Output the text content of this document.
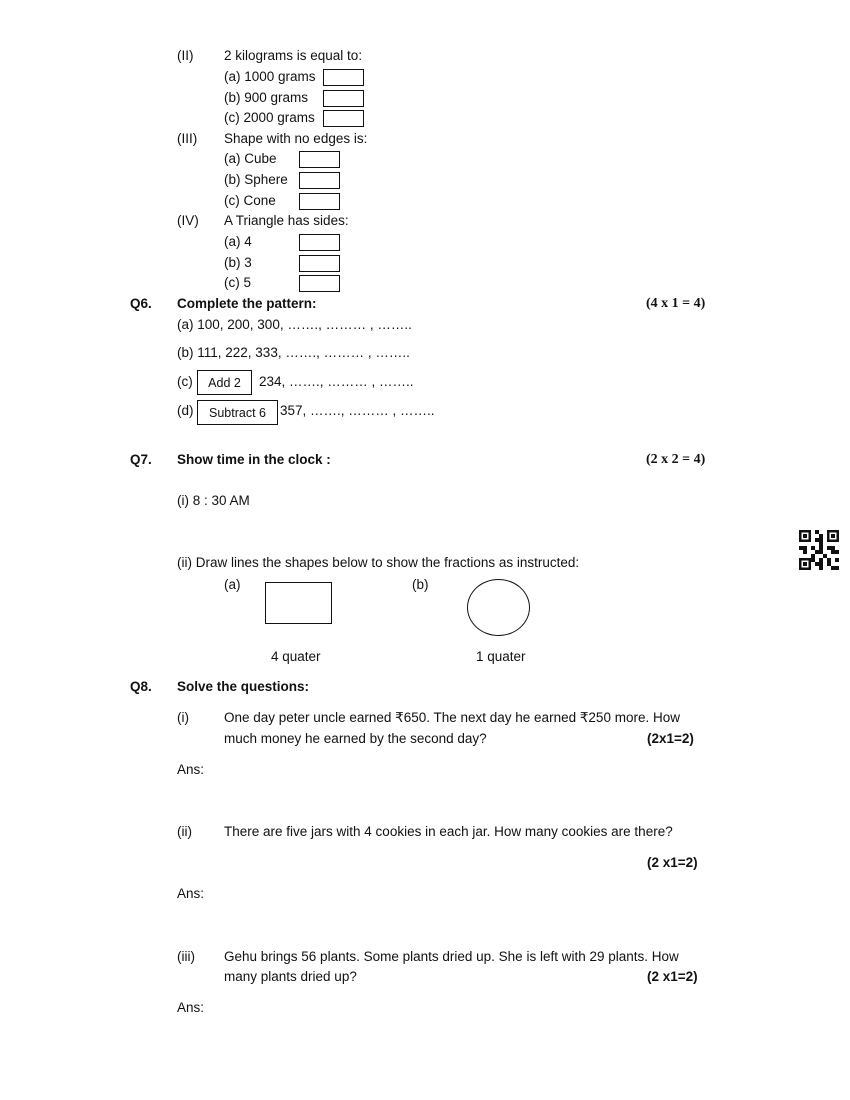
(II) 2 kilograms is equal to:
(a) 1000 grams
(b) 900 grams
(c) 2000 grams
(III) Shape with no edges is:
(a) Cube
(b) Sphere
(c) Cone
(IV) A Triangle has sides:
(a) 4
(b) 3
(c) 5
Q6. Complete the pattern:	(4 x 1 = 4)
(a) 100, 200, 300, ……., ……… , ……..
(b) 111, 222, 333, ……., ……… , ……..
(c) Add 2 234, ……., ……… , ……..
(d) Subtract 6 357, ……., ……… , ……..
Q7. Show time in the clock :	(2 x 2 = 4)
(i) 8 : 30 AM
(ii) Draw lines the shapes below to show the fractions as instructed:
(a)	(b)
4 quater	1 quater
Q8. Solve the questions:
(i)	One day peter uncle earned ₹650. The next day he earned ₹250 more. How
much money he earned by the second day?	(2x1=2)
Ans:
(ii) There are five jars with 4 cookies in each jar. How many cookies are there?
(2 x1=2)
Ans:
(iii) Gehu brings 56 plants. Some plants dried up. She is left with 29 plants. How
many plants dried up?	(2 x1=2)
Ans:
